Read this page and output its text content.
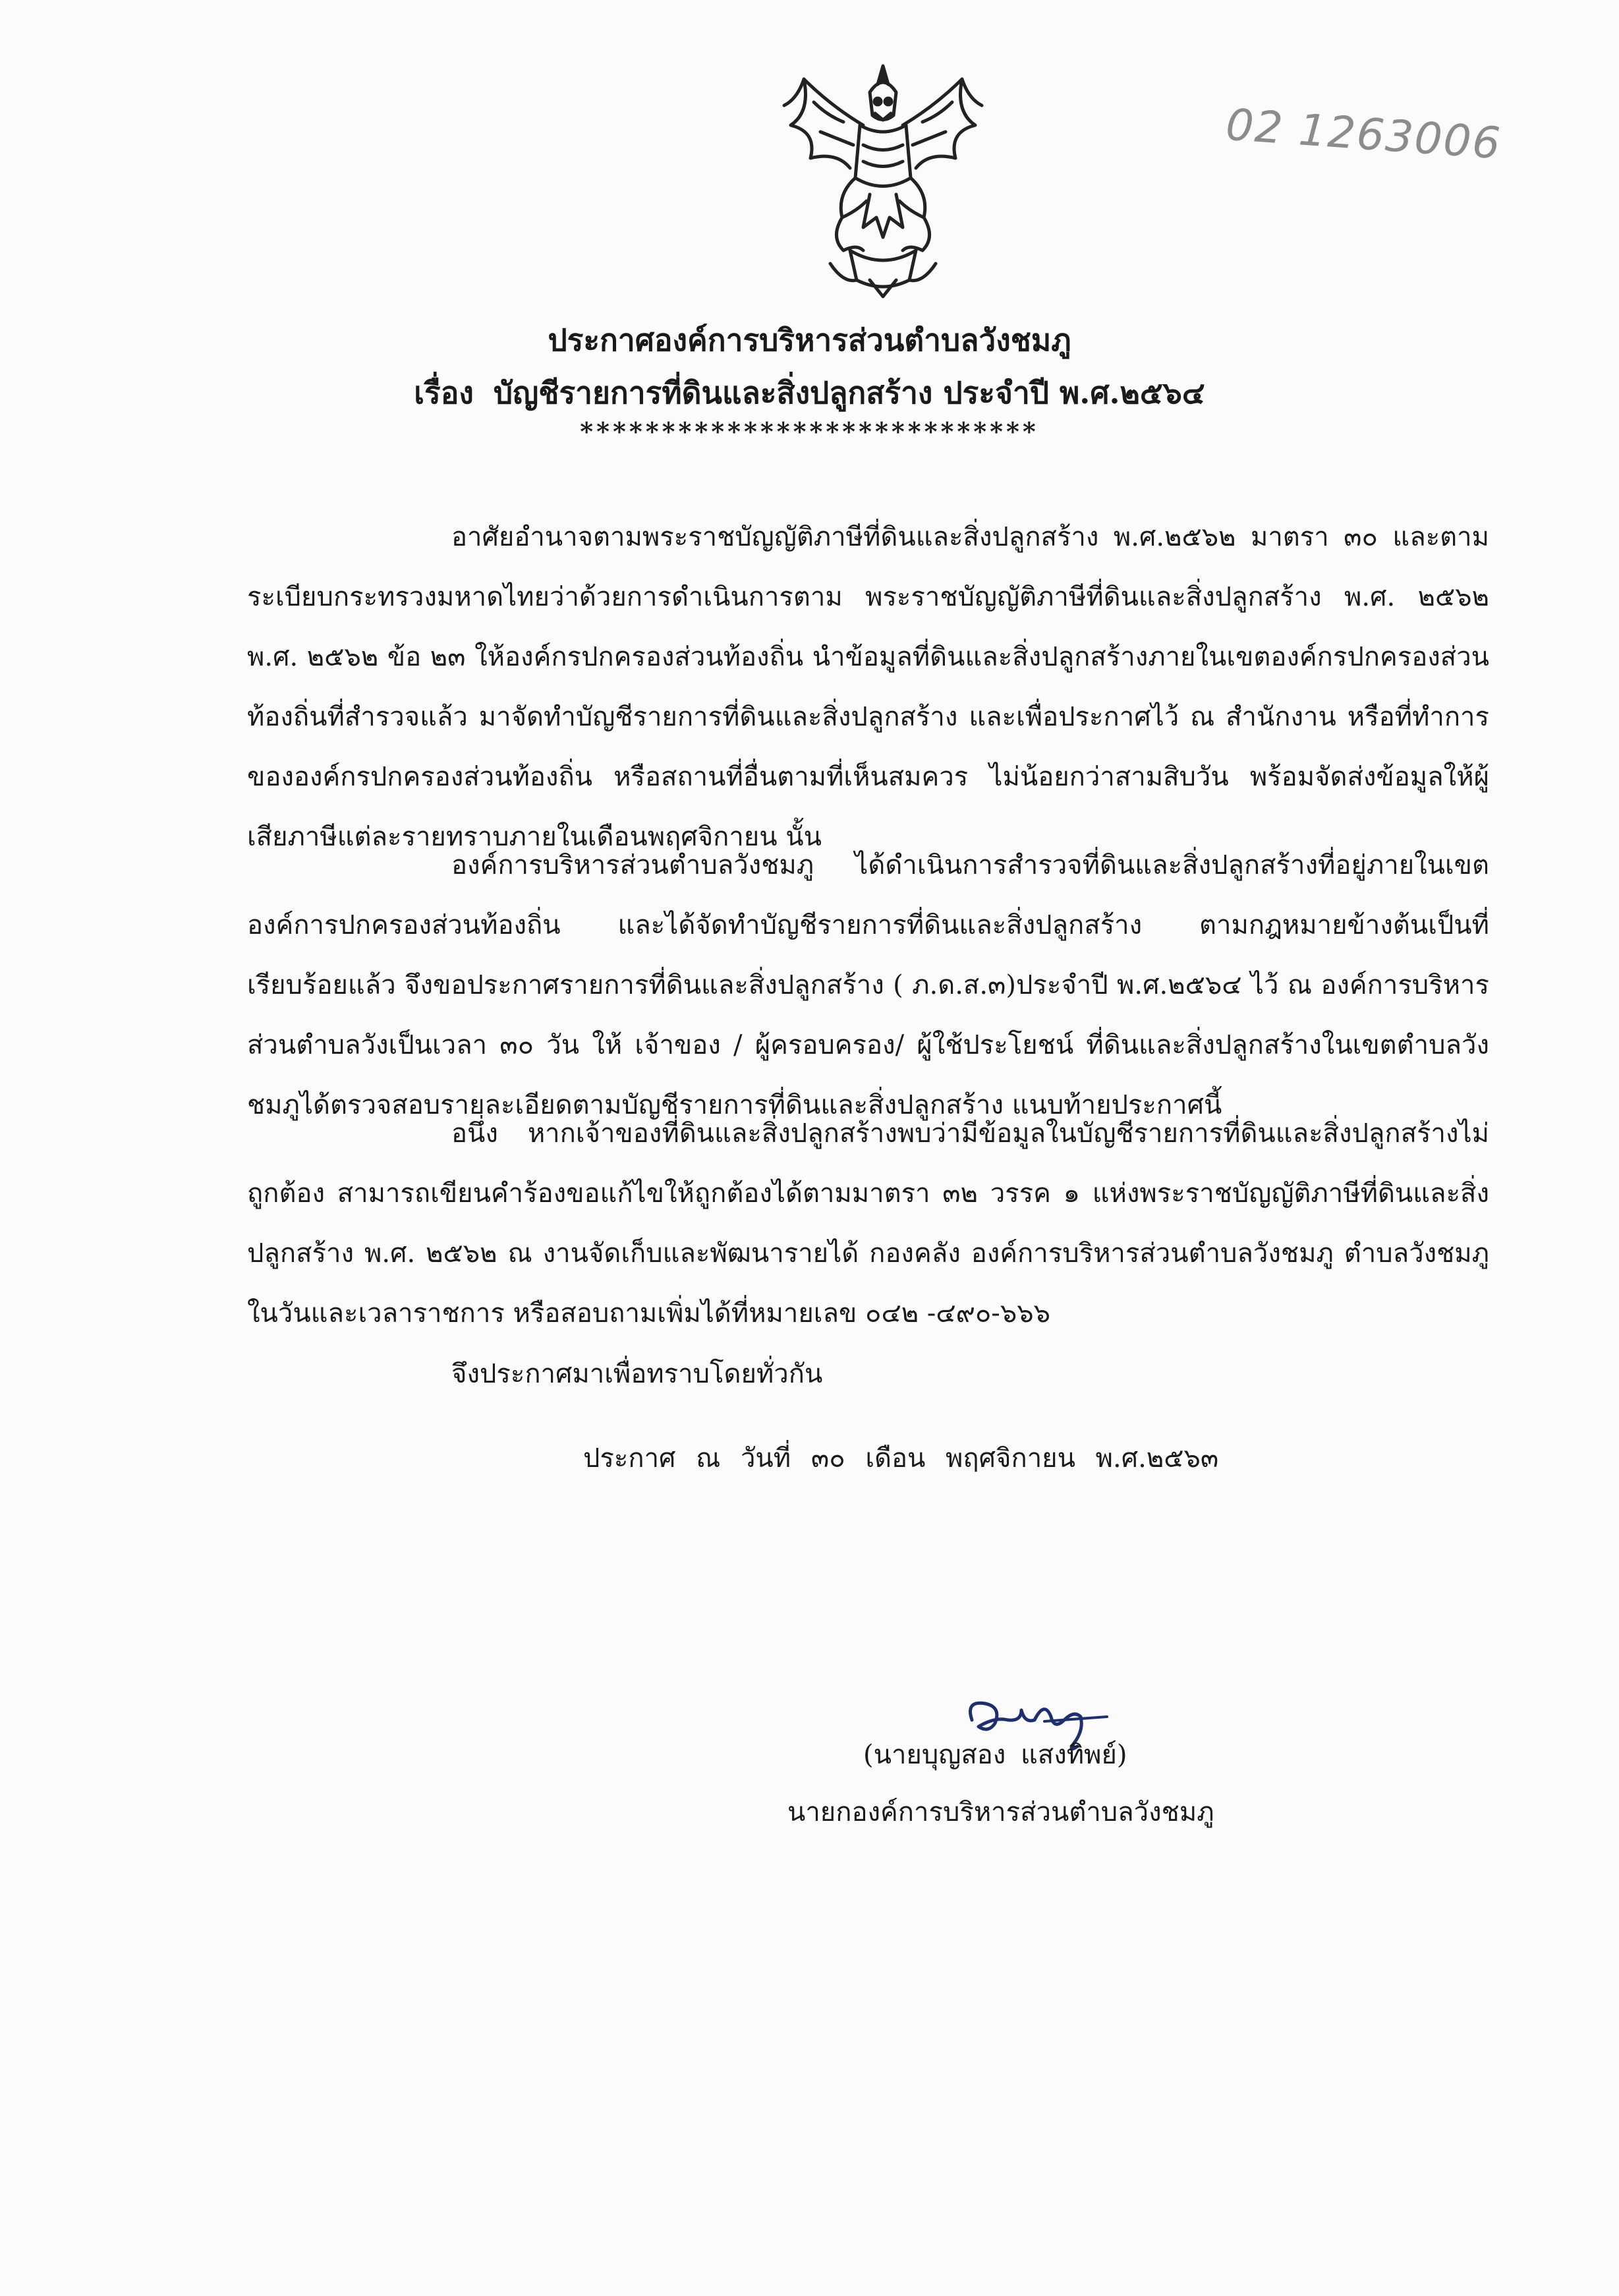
02 1263006
ประกาศองค์การบริหารส่วนตำบลวังชมภู
เรื่อง บัญชีรายการที่ดินและสิ่งปลูกสร้าง ประจำปี พ.ศ.๒๕๖๔
****************************

อาศัยอำนาจตามพระราชบัญญัติภาษีที่ดินและสิ่งปลูกสร้าง พ.ศ.๒๕๖๒ มาตรา ๓๐ และตามระเบียบกระทรวงมหาดไทยว่าด้วยการดำเนินการตาม พระราชบัญญัติภาษีที่ดินและสิ่งปลูกสร้าง พ.ศ. ๒๕๖๒ พ.ศ. ๒๕๖๒ ข้อ ๒๓ ให้องค์กรปกครองส่วนท้องถิ่น นำข้อมูลที่ดินและสิ่งปลูกสร้างภายในเขตองค์กรปกครองส่วนท้องถิ่นที่สำรวจแล้ว มาจัดทำบัญชีรายการที่ดินและสิ่งปลูกสร้าง และเพื่อประกาศไว้ ณ สำนักงาน หรือที่ทำการขององค์กรปกครองส่วนท้องถิ่น หรือสถานที่อื่นตามที่เห็นสมควร ไม่น้อยกว่าสามสิบวัน พร้อมจัดส่งข้อมูลให้ผู้เสียภาษีแต่ละรายทราบภายในเดือนพฤศจิกายน นั้น

องค์การบริหารส่วนตำบลวังชมภู ได้ดำเนินการสำรวจที่ดินและสิ่งปลูกสร้างที่อยู่ภายในเขตองค์การปกครองส่วนท้องถิ่น และได้จัดทำบัญชีรายการที่ดินและสิ่งปลูกสร้าง ตามกฎหมายข้างต้นเป็นที่เรียบร้อยแล้ว จึงขอประกาศรายการที่ดินและสิ่งปลูกสร้าง ( ภ.ด.ส.๓)ประจำปี พ.ศ.๒๕๖๔ ไว้ ณ องค์การบริหารส่วนตำบลวังเป็นเวลา ๓๐ วัน ให้ เจ้าของ / ผู้ครอบครอง/ ผู้ใช้ประโยชน์ ที่ดินและสิ่งปลูกสร้างในเขตตำบลวังชมภูได้ตรวจสอบรายละเอียดตามบัญชีรายการที่ดินและสิ่งปลูกสร้าง แนบท้ายประกาศนี้

อนึ่ง หากเจ้าของที่ดินและสิ่งปลูกสร้างพบว่ามีข้อมูลในบัญชีรายการที่ดินและสิ่งปลูกสร้างไม่ถูกต้อง สามารถเขียนคำร้องขอแก้ไขให้ถูกต้องได้ตามมาตรา ๓๒ วรรค ๑ แห่งพระราชบัญญัติภาษีที่ดินและสิ่งปลูกสร้าง พ.ศ. ๒๕๖๒ ณ งานจัดเก็บและพัฒนารายได้ กองคลัง องค์การบริหารส่วนตำบลวังชมภู ตำบลวังชมภู ในวันและเวลาราชการ หรือสอบถามเพิ่มได้ที่หมายเลข ๐๔๒ -๔๙๐-๖๖๖

จึงประกาศมาเพื่อทราบโดยทั่วกัน

ประกาศ ณ วันที่ ๓๐ เดือน พฤศจิกายน พ.ศ.๒๕๖๓
(นายบุญสอง แสงทิพย์)
นายกองค์การบริหารส่วนตำบลวังชมภู
